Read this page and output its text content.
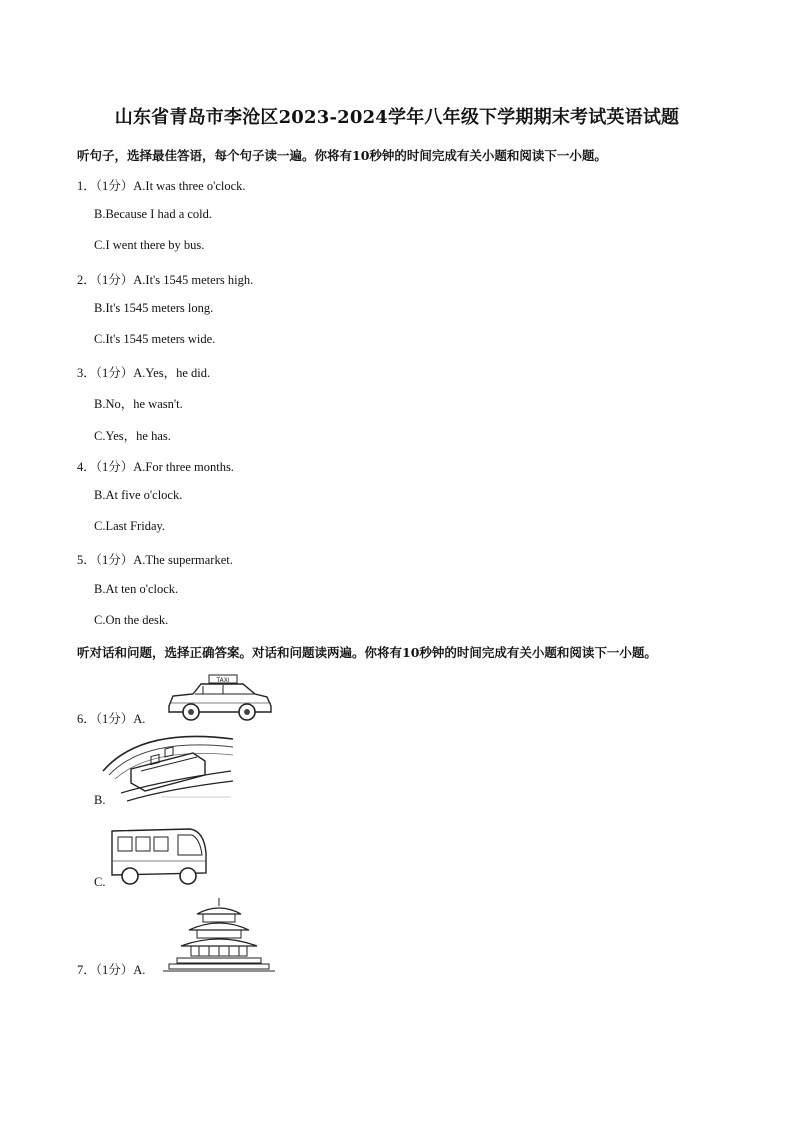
山东省青岛市李沧区2023-2024学年八年级下学期期末考试英语试题
听句子，选择最佳答语，每个句子读一遍。你将有10秒钟的时间完成有关小题和阅读下一小题。
1．（1分）A.It was three o'clock.
B.Because I had a cold.
C.I went there by bus.
2．（1分）A.It's 1545 meters high.
B.It's 1545 meters long.
C.It's 1545 meters wide.
3．（1分）A.Yes，he did.
B.No，he wasn't.
C.Yes，he has.
4．（1分）A.For three months.
B.At five o'clock.
C.Last Friday.
5．（1分）A.The supermarket.
B.At ten o'clock.
C.On the desk.
听对话和问题，选择正确答案。对话和问题读两遍。你将有10秒钟的时间完成有关小题和阅读下一小题。
6．（1分）A.
TAXI
B.
C.
7．（1分）A.
